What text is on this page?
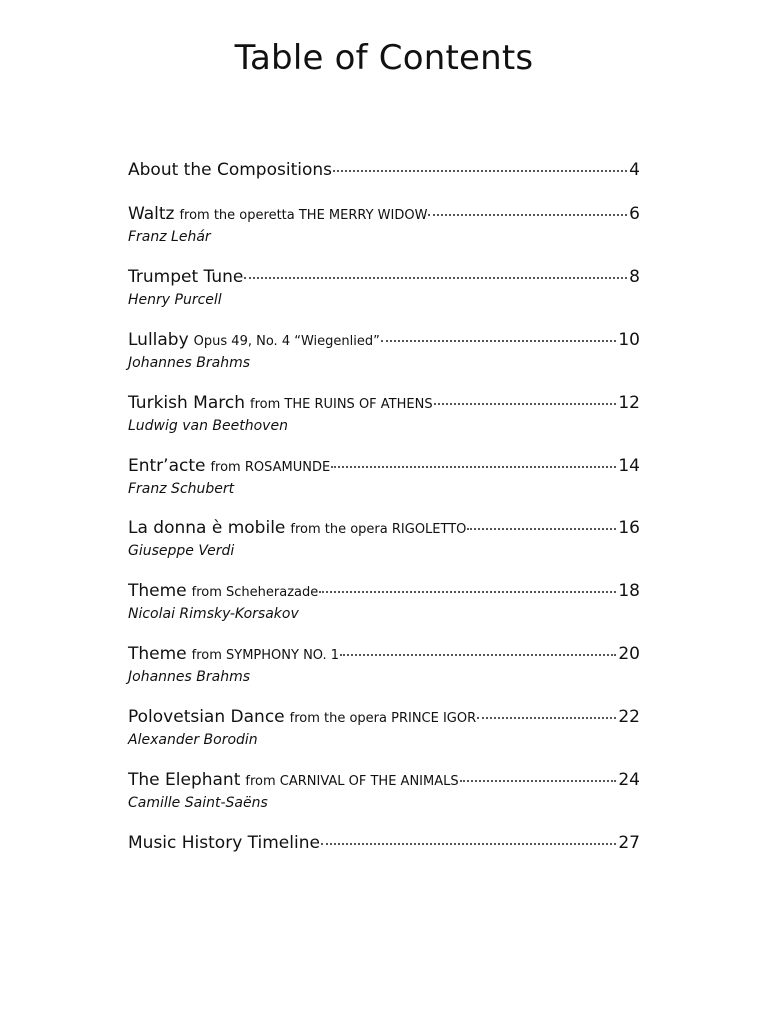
Table of Contents
About the Compositions	4
Waltz from the operetta THE MERRY WIDOW	6
Franz Lehár
Trumpet Tune	8
Henry Purcell
Lullaby Opus 49, No. 4 “Wiegenlied”	10
Johannes Brahms
Turkish March from THE RUINS OF ATHENS	12
Ludwig van Beethoven
Entr’acte from ROSAMUNDE	14
Franz Schubert
La donna è mobile from the opera RIGOLETTO	16
Giuseppe Verdi
Theme from Scheherazade	18
Nicolai Rimsky-Korsakov
Theme from SYMPHONY NO. 1	20
Johannes Brahms
Polovetsian Dance from the opera PRINCE IGOR	22
Alexander Borodin
The Elephant from CARNIVAL OF THE ANIMALS	24
Camille Saint-Saëns
Music History Timeline	27
